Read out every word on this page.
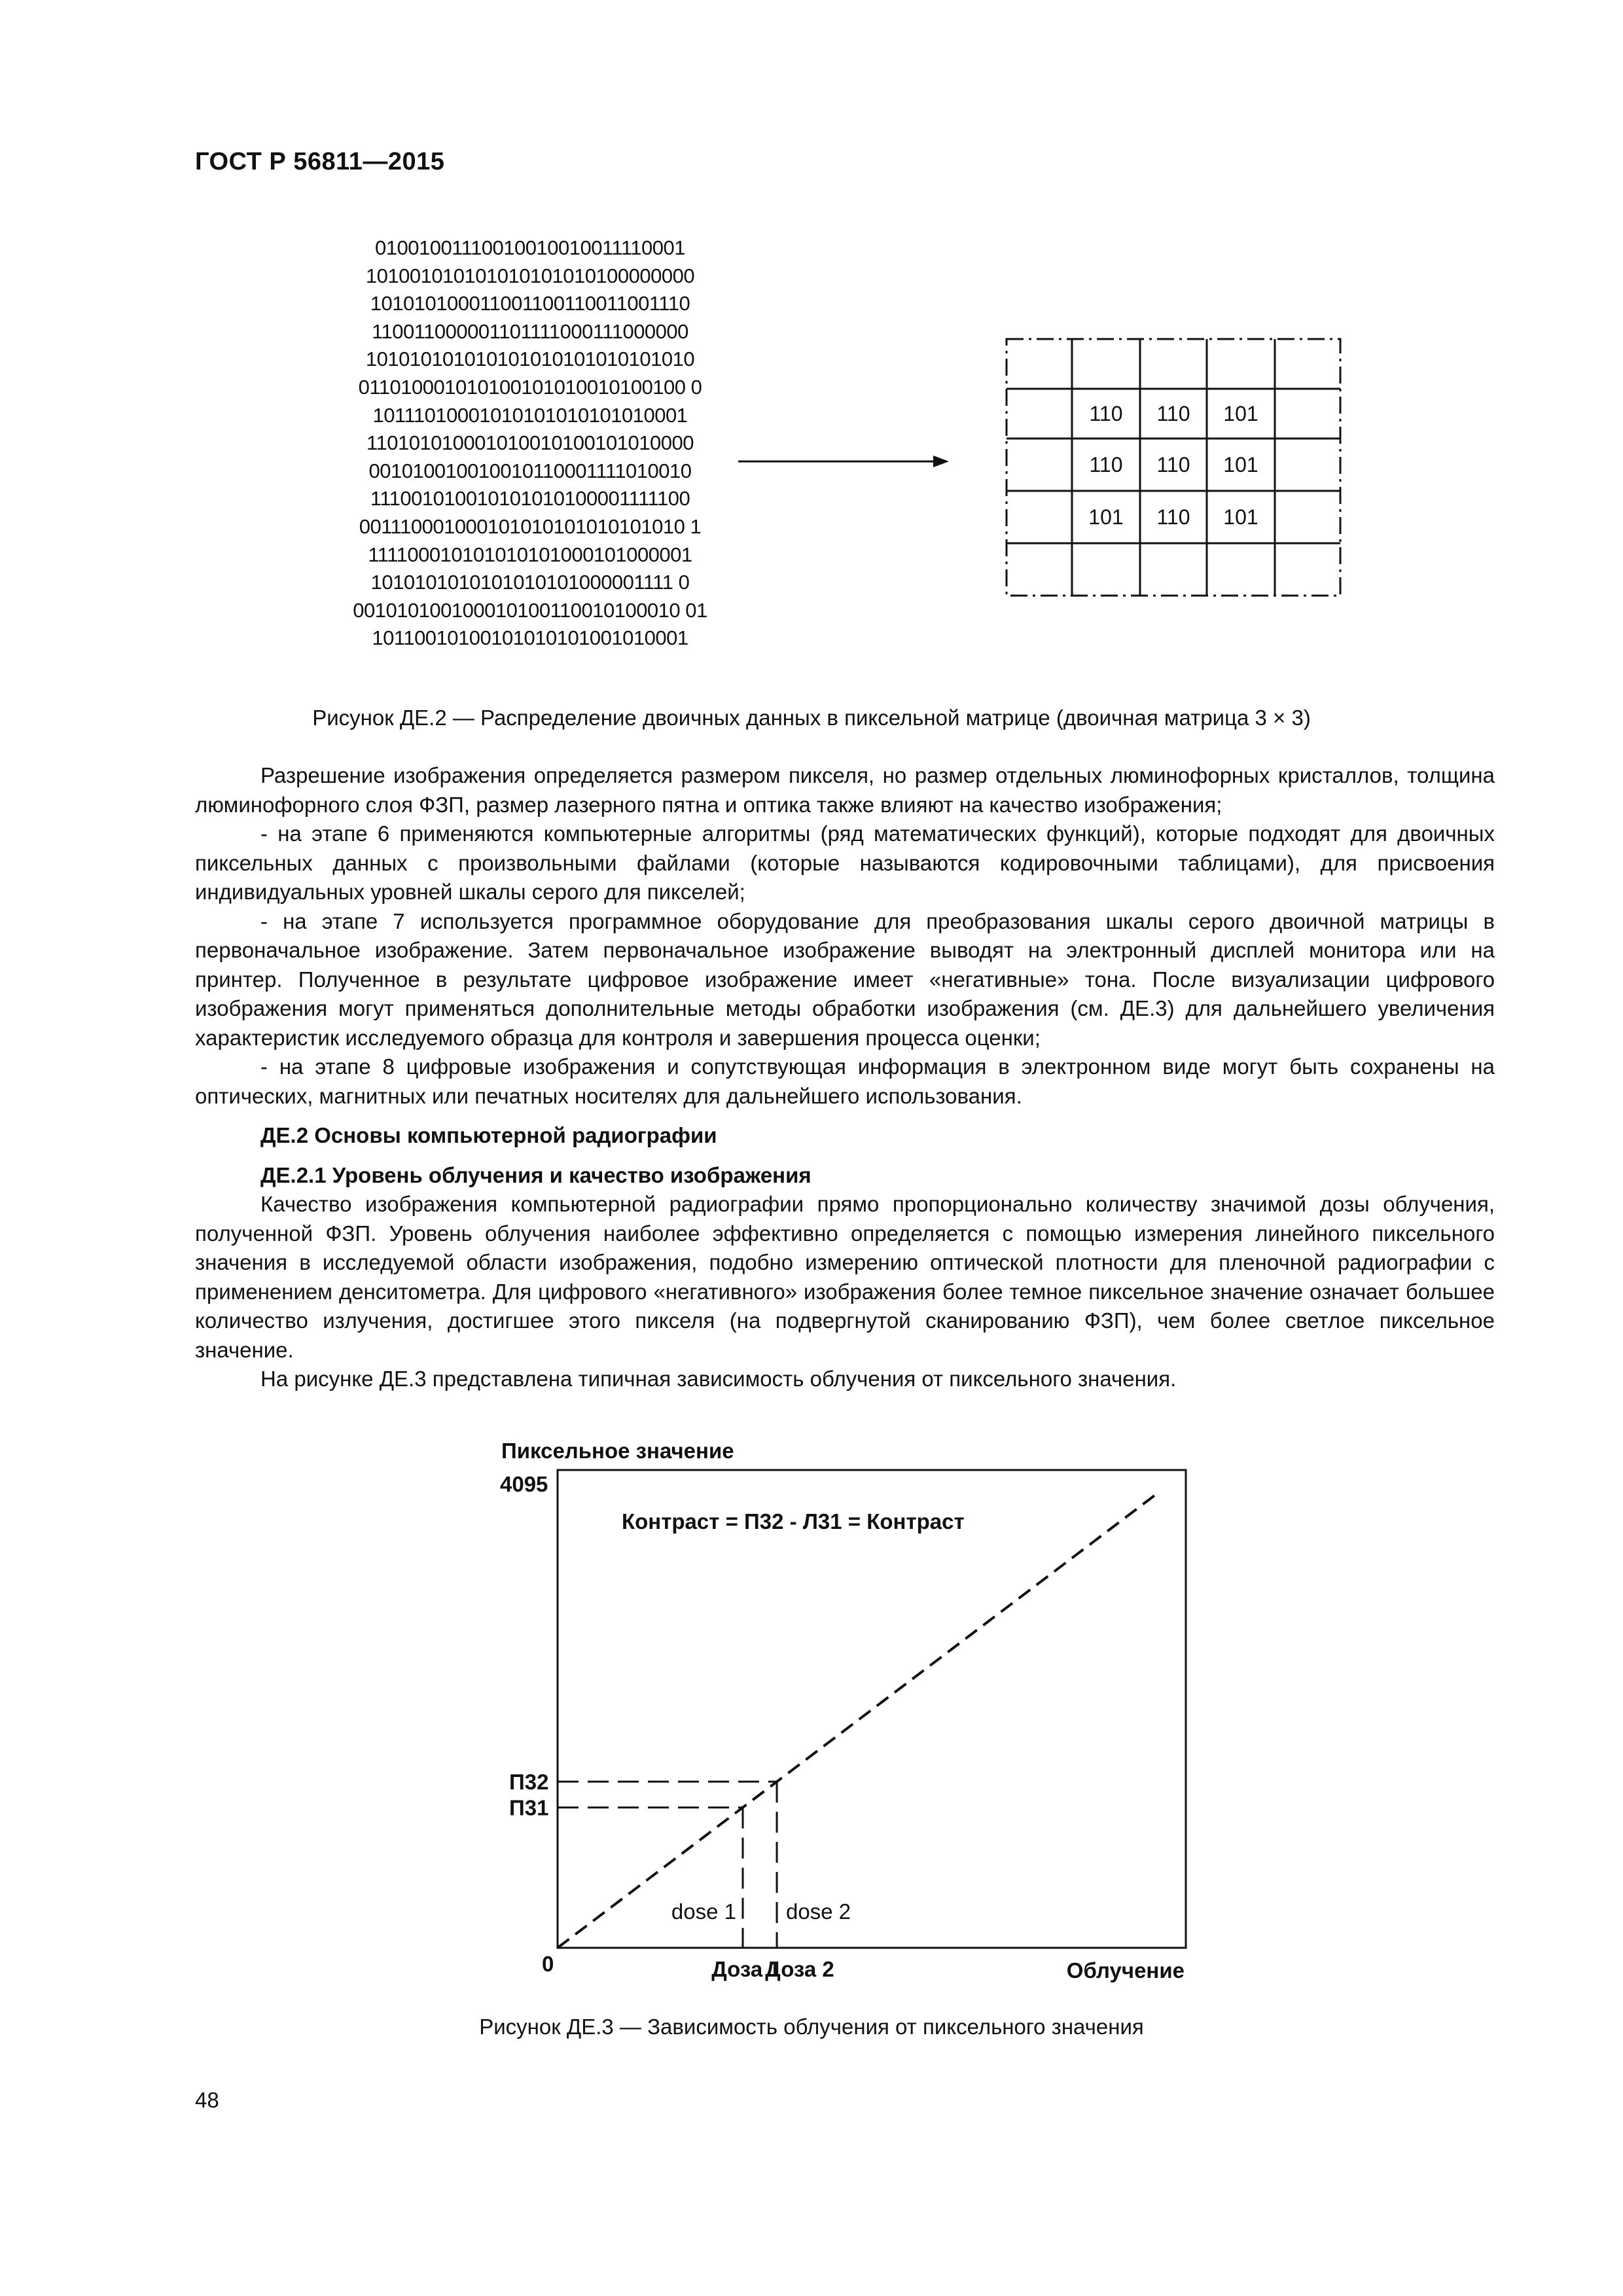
ГОСТ Р 56811—2015
01001001110010010010011110001
101001010101010101010100000000
101010100011001100110011001110
110011000001101111000111000000
101010101010101010101010101010
011010001010100101010010100100 0
10111010001010101010101010001
110101010001010010100101010000
001010010010010110001111010010
111001010010101010100001111100
001110001000101010101010101010 1
111100010101010101000101000001
1010101010101010101000001111 0
001010100100010100110010100010 01
10110010100101010101001010001
110 110 101
110 110 101
101 110 101
Рисунок ДЕ.2 — Распределение двоичных данных в пиксельной матрице (двоичная матрица 3 × 3)

Разрешение изображения определяется размером пикселя, но размер отдельных люминофорных кристаллов, толщина люминофорного слоя ФЗП, размер лазерного пятна и оптика также влияют на качество изображения;

- на этапе 6 применяются компьютерные алгоритмы (ряд математических функций), которые подходят для двоичных пиксельных данных с произвольными файлами (которые называются кодировочными таблицами), для присвоения индивидуальных уровней шкалы серого для пикселей;

- на этапе 7 используется программное оборудование для преобразования шкалы серого двоичной матрицы в первоначальное изображение. Затем первоначальное изображение выводят на электронный дисплей монитора или на принтер. Полученное в результате цифровое изображение имеет «негативные» тона. После визуализации цифрового изображения могут применяться дополнительные методы обработки изображения (см. ДЕ.3) для дальнейшего увеличения характеристик исследуемого образца для контроля и завершения процесса оценки;

- на этапе 8 цифровые изображения и сопутствующая информация в электронном виде могут быть сохранены на оптических, магнитных или печатных носителях для дальнейшего использования.

ДЕ.2 Основы компьютерной радиографии
ДЕ.2.1 Уровень облучения и качество изображения

Качество изображения компьютерной радиографии прямо пропорционально количеству значимой дозы облучения, полученной ФЗП. Уровень облучения наиболее эффективно определяется с помощью измерения линейного пиксельного значения в исследуемой области изображения, подобно измерению оптической плотности для пленочной радиографии с применением денситометра. Для цифрового «негативного» изображения более темное пиксельное значение означает большее количество излучения, достигшее этого пикселя (на подвергнутой сканированию ФЗП), чем более светлое пиксельное значение.

На рисунке ДЕ.3 представлена типичная зависимость облучения от пиксельного значения.

Пиксельное значение
4095
Контраст = П32 - Л31 = Контраст
П32
П31
dose 1 dose 2
0	Доза 1
Доза 2	Облучение
Рисунок ДЕ.3 — Зависимость облучения от пиксельного значения
48
